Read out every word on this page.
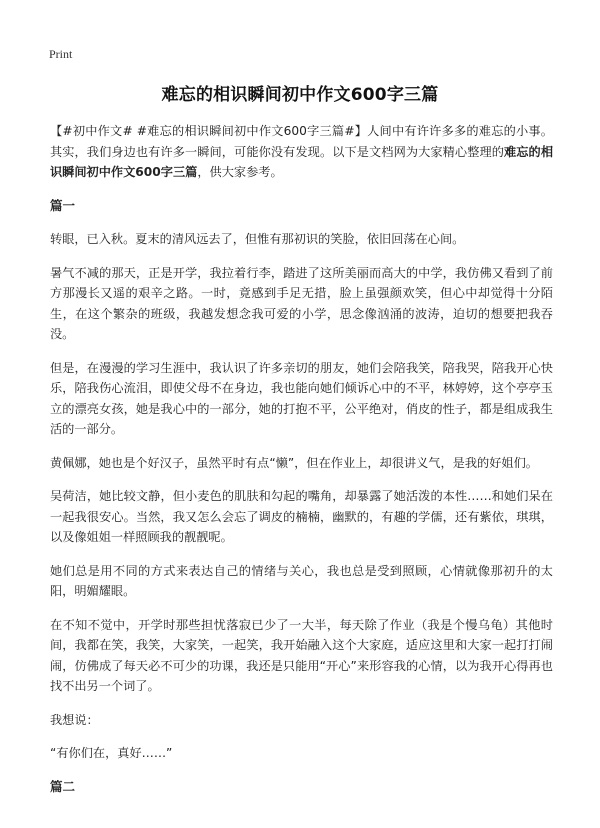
Print
难忘的相识瞬间初中作文600字三篇

【#初中作文# #难忘的相识瞬间初中作文600字三篇#】人间中有许许多多的难忘的小事。其实，我们身边也有许多一瞬间，可能你没有发现。以下是文档网为大家精心整理的难忘的相识瞬间初中作文600字三篇，供大家参考。

篇一

转眼，已入秋。夏末的清风远去了，但惟有那初识的笑脸，依旧回荡在心间。

暑气不减的那天，正是开学，我拉着行李，踏进了这所美丽而高大的中学，我仿佛又看到了前方那漫长又遥的艰辛之路。一时，竟感到手足无措，脸上虽强颜欢笑，但心中却觉得十分陌生，在这个繁杂的班级，我越发想念我可爱的小学，思念像汹涌的波涛，迫切的想要把我吞没。

但是，在漫漫的学习生涯中，我认识了许多亲切的朋友，她们会陪我笑，陪我哭，陪我开心快乐，陪我伤心流泪，即使父母不在身边，我也能向她们倾诉心中的不平，林婷婷，这个亭亭玉立的漂亮女孩，她是我心中的一部分，她的打抱不平，公平绝对，俏皮的性子，都是组成我生活的一部分。

黄佩娜，她也是个好汉子，虽然平时有点“懒”，但在作业上，却很讲义气，是我的好姐们。

吴荷洁，她比较文静，但小麦色的肌肤和勾起的嘴角，却暴露了她活泼的本性……和她们呆在一起我很安心。当然，我又怎么会忘了调皮的楠楠，幽默的，有趣的学儒，还有紫依，琪琪，以及像姐姐一样照顾我的靓靓呢。

她们总是用不同的方式来表达自己的情绪与关心，我也总是受到照顾，心情就像那初升的太阳，明媚耀眼。

在不知不觉中，开学时那些担忧落寂已少了一大半，每天除了作业（我是个慢乌龟）其他时间，我都在笑，我笑，大家笑，一起笑，我开始融入这个大家庭，适应这里和大家一起打打闹闹，仿佛成了每天必不可少的功课，我还是只能用“开心”来形容我的心情，以为我开心得再也找不出另一个词了。

我想说：

“有你们在，真好……”

篇二
